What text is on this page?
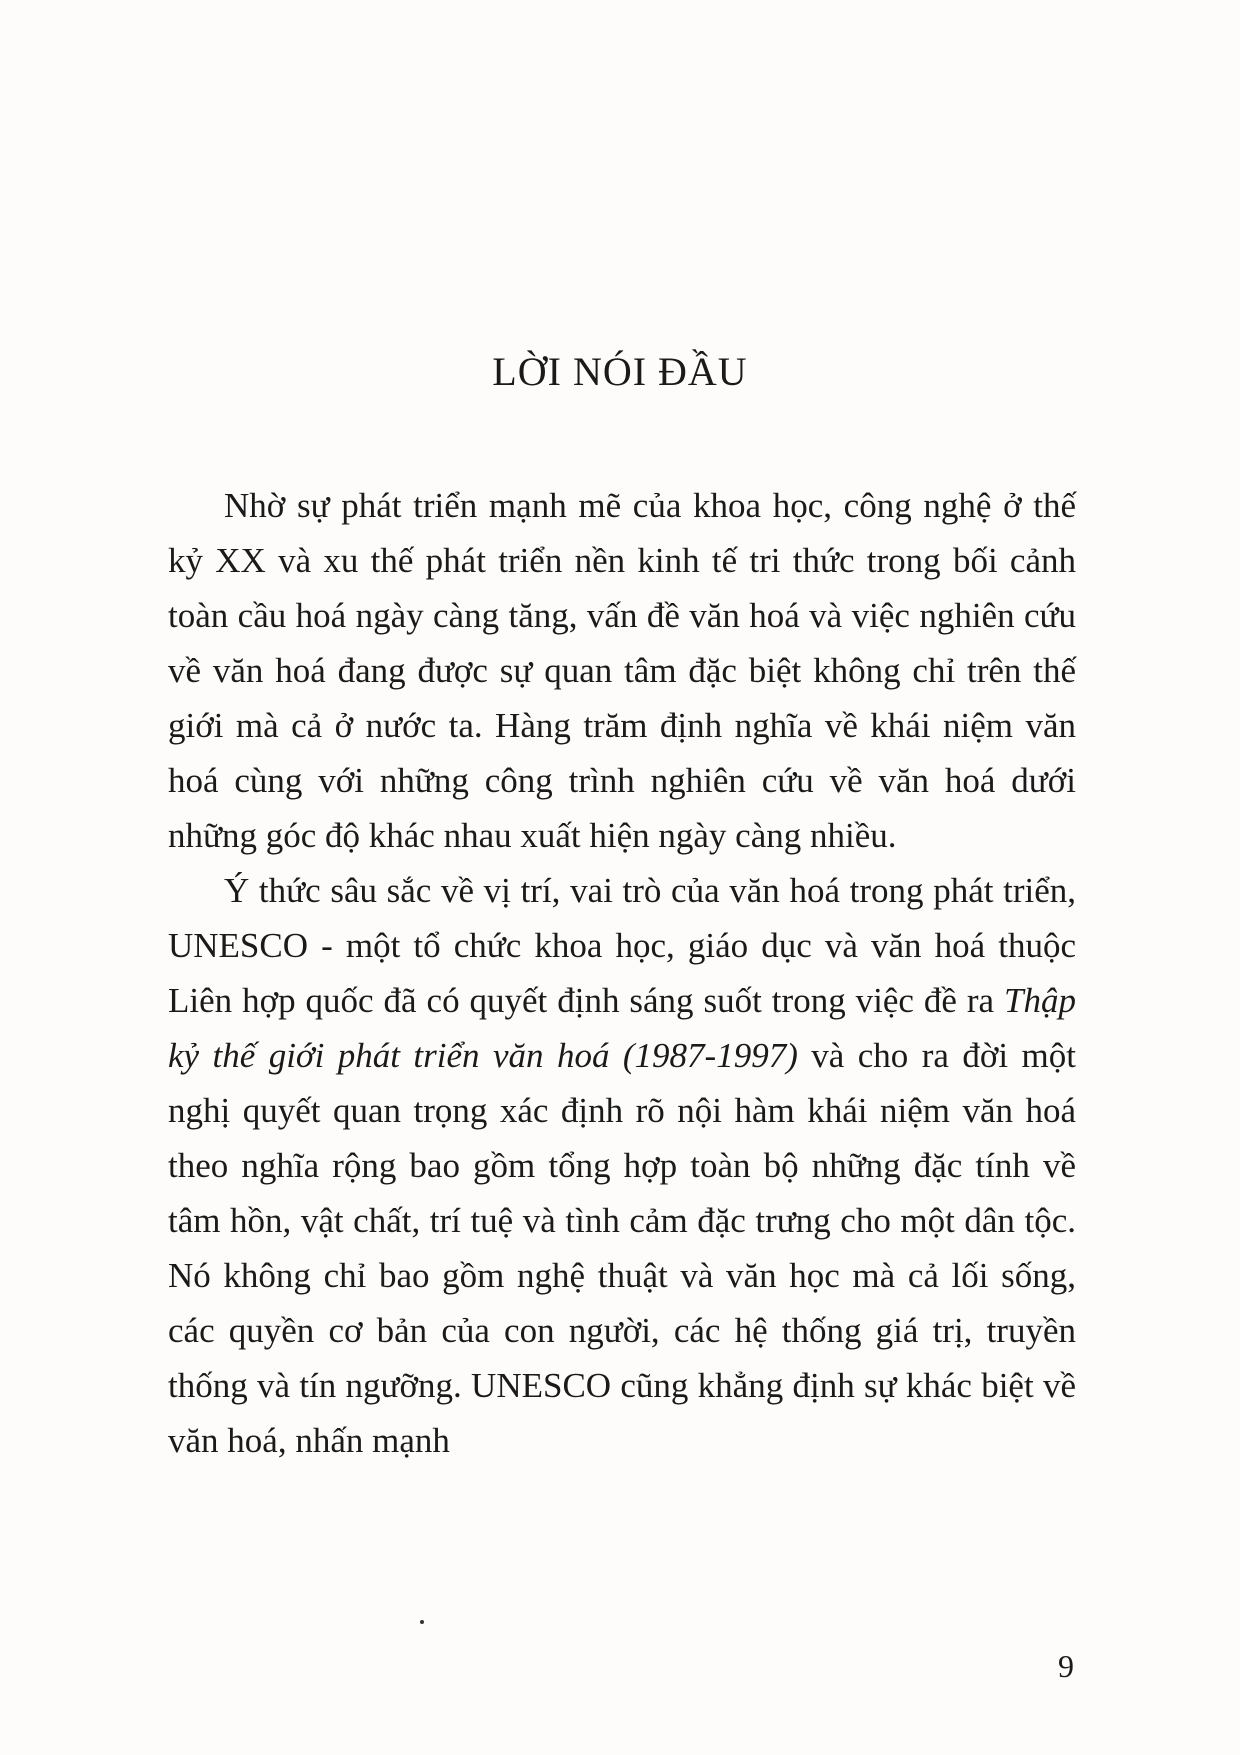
LỜI NÓI ĐẦU

Nhờ sự phát triển mạnh mẽ của khoa học, công nghệ ở thế kỷ XX và xu thế phát triển nền kinh tế tri thức trong bối cảnh toàn cầu hoá ngày càng tăng, vấn đề văn hoá và việc nghiên cứu về văn hoá đang được sự quan tâm đặc biệt không chỉ trên thế giới mà cả ở nước ta. Hàng trăm định nghĩa về khái niệm văn hoá cùng với những công trình nghiên cứu về văn hoá dưới những góc độ khác nhau xuất hiện ngày càng nhiều.

Ý thức sâu sắc về vị trí, vai trò của văn hoá trong phát triển, UNESCO - một tổ chức khoa học, giáo dục và văn hoá thuộc Liên hợp quốc đã có quyết định sáng suốt trong việc đề ra Thập kỷ thế giới phát triển văn hoá (1987-1997) và cho ra đời một nghị quyết quan trọng xác định rõ nội hàm khái niệm văn hoá theo nghĩa rộng bao gồm tổng hợp toàn bộ những đặc tính về tâm hồn, vật chất, trí tuệ và tình cảm đặc trưng cho một dân tộc. Nó không chỉ bao gồm nghệ thuật và văn học mà cả lối sống, các quyền cơ bản của con người, các hệ thống giá trị, truyền thống và tín ngưỡng. UNESCO cũng khẳng định sự khác biệt về văn hoá, nhấn mạnh

9
